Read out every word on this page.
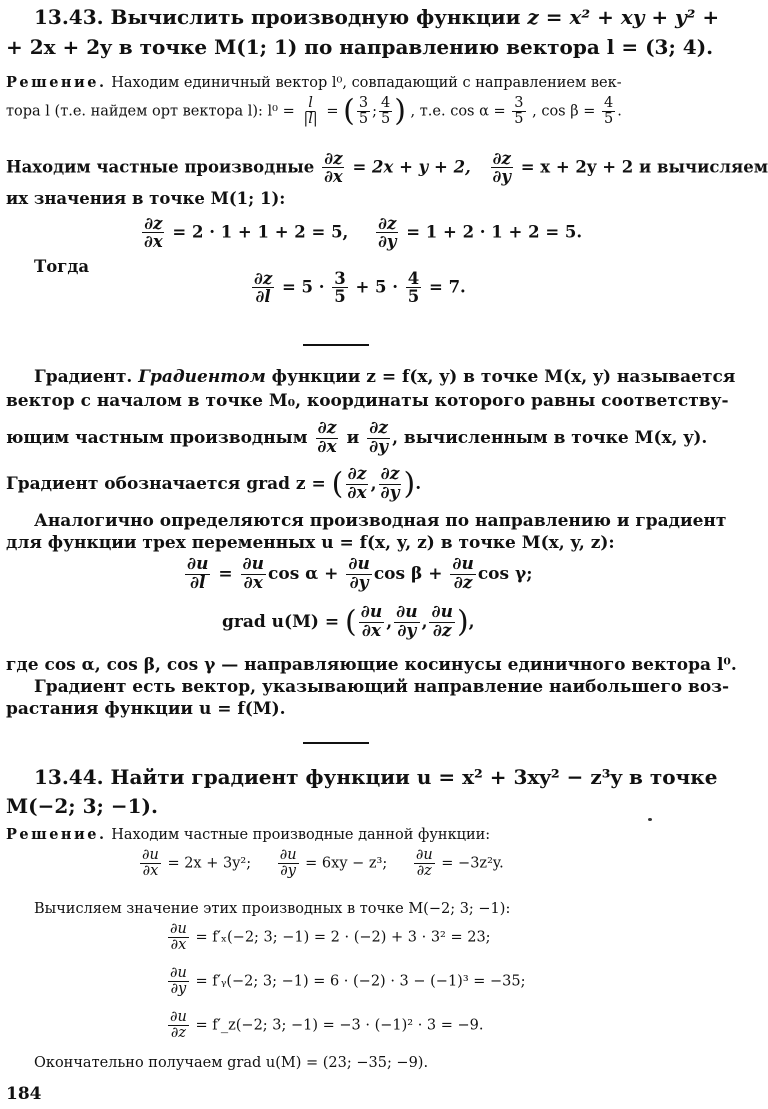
13.43. Вычислить производную функции z = x² + xy + y² +
+ 2x + 2y в точке M(1; 1) по направлению вектора l = (3; 4).
Решение. Находим единичный вектор l⁰, совпадающий с направлением век-
тора l (т.е. найдем орт вектора l): $l^0 = \frac{l}{|l|}$ = ( $\frac{3}{5}$ ; $\frac{4}{5}$ ) , т.е. $\cos \alpha = \frac{3}{5}$ , $\cos \beta = \frac{4}{5}$ .
Находим частные производные $\frac{\partial z}{\partial x} = 2x + y + 2$, $\frac{\partial z}{\partial y} = x + 2y + 2$ и вычисляем
их значения в точке M(1; 1):
$\frac{\partial z}{\partial x} = 2 \cdot 1 + 1 + 2 = 5$, $\frac{\partial z}{\partial y} = 1 + 2 \cdot 1 + 2 = 5$.
Тогда
$\frac{\partial z}{\partial l} = 5 \cdot \frac{3}{5} + 5 \cdot \frac{4}{5} = 7$.
Градиент. Градиентом функции z = f(x, y) в точке M(x, y) называется
вектор с началом в точке M₀, координаты которого равны соответству-
ющим частным производным $\frac{\partial z}{\partial x}$ и $\frac{\partial z}{\partial y}$ , вычисленным в точке M(x, y).
Градиент обозначается grad z = ( $\frac{\partial z}{\partial x}$ , $\frac{\partial z}{\partial y}$ ).
Аналогично определяются производная по направлению и градиент
для функции трех переменных u = f(x, y, z) в точке M(x, y, z):
$\frac{\partial u}{\partial l} = \frac{\partial u}{\partial x}$ $\cos \alpha + \frac{\partial u}{\partial y}$ $\cos \beta + \frac{\partial u}{\partial z}$ cos γ;
grad u(M) = ( $\frac{\partial u}{\partial x}$ , $\frac{\partial u}{\partial y}$ , $\frac{\partial u}{\partial z}$ ),
где cos α, cos β, cos γ — направляющие косинусы единичного вектора l⁰.
Градиент есть вектор, указывающий направление наибольшего воз-
растания функции u = f(M).
13.44. Найти градиент функции u = x² + 3xy² − z³y в точке
M(−2; 3; −1).
Решение. Находим частные производные данной функции:
$\frac{\partial u}{\partial x} = 2x + 3y^2$; $\frac{\partial u}{\partial y} = 6xy - z^3$; $\frac{\partial u}{\partial z} = -3z^2y$.
Вычисляем значение этих производных в точке M(−2; 3; −1):
$\frac{\partial u}{\partial x} = f'_x(-2$; 3; −1) = 2 · (−2) + 3 · 3² = 23;
$\frac{\partial u}{\partial y}$ = f′ᵧ(−2; 3; −1) = 6 · (−2) · 3 − (−1)³ = −35;
$\frac{\partial u}{\partial z}$ = f′_z(−2; 3; −1) = −3 · (−1)² · 3 = −9.
Окончательно получаем grad u(M) = (23; −35; −9).
184
